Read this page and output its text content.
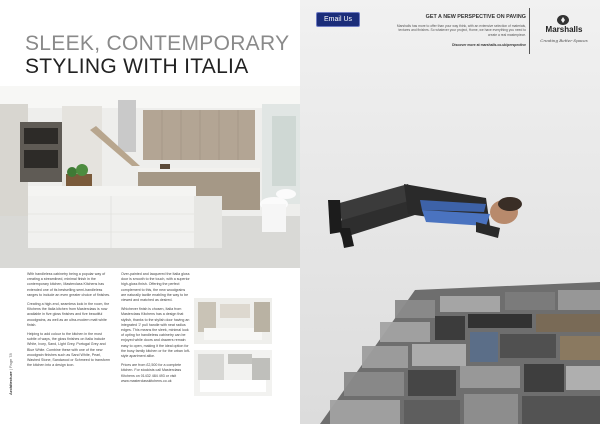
SLEEK, CONTEMPORARY
STYLING WITH ITALIA

With handleless cabinetry being a popular way of creating a streamlined, minimal finish in the contemporary kitchen, Masterclass Kitchens has extended one of its bestselling semi-handleless ranges to include an even greater choice of finishes.

Creating a high-end, seamless look in the room, the Kitchens the Italia kitchen from Masterclass is now available in five gloss finishes and five beautiful woodgrains, as well as an ultra-modern matt white finish.

Helping to add colour to the kitchen in the most subtle of ways, the gloss finishes on Italia include White, Ivory, Sand, Light Grey, Portugal Grey and Blue White. Combine these with one of the new woodgrain finishes such as Sand White, Pearl, Washed Stone, Sandwood or Schmeed to transform the kitchen into a design icon.

Over-painted and lacquered the Italia gloss door is smooth to the touch, with a superior high-gloss finish. Offering the perfect complement to this, the new woodgrains are naturally tactile enabling the way to be viewed and matched as desired.

Whichever finish is chosen, Italia from Masterclass Kitchens has a design that stylish, thanks to the stylish door having an integrated 'J' pull handle with neat radius edges. This means the sleek, minimal look of opting for handleless cabinetry can be enjoyed while doors and drawers remain easy to open, making it the ideal option for the busy family kitchen or for the urban loft-style apartment alike.

Prices are from £2,500 for a complete kitchen. For stockists call Masterclass Kitchens on 01432 484 493 or visit www.masterclasskitchens.co.uk

Architecture | Page 78
Email Us	GET A NEW PERSPECTIVE ON PAVING
Marshalls has more to offer than your way think, with an extensive selection of materials, textures and finishes. So whatever your project, Home, we have everything you need to create a real masterpiece.
Discover more at marshalls.co.uk/perspective
Marshalls
Creating Better Spaces
